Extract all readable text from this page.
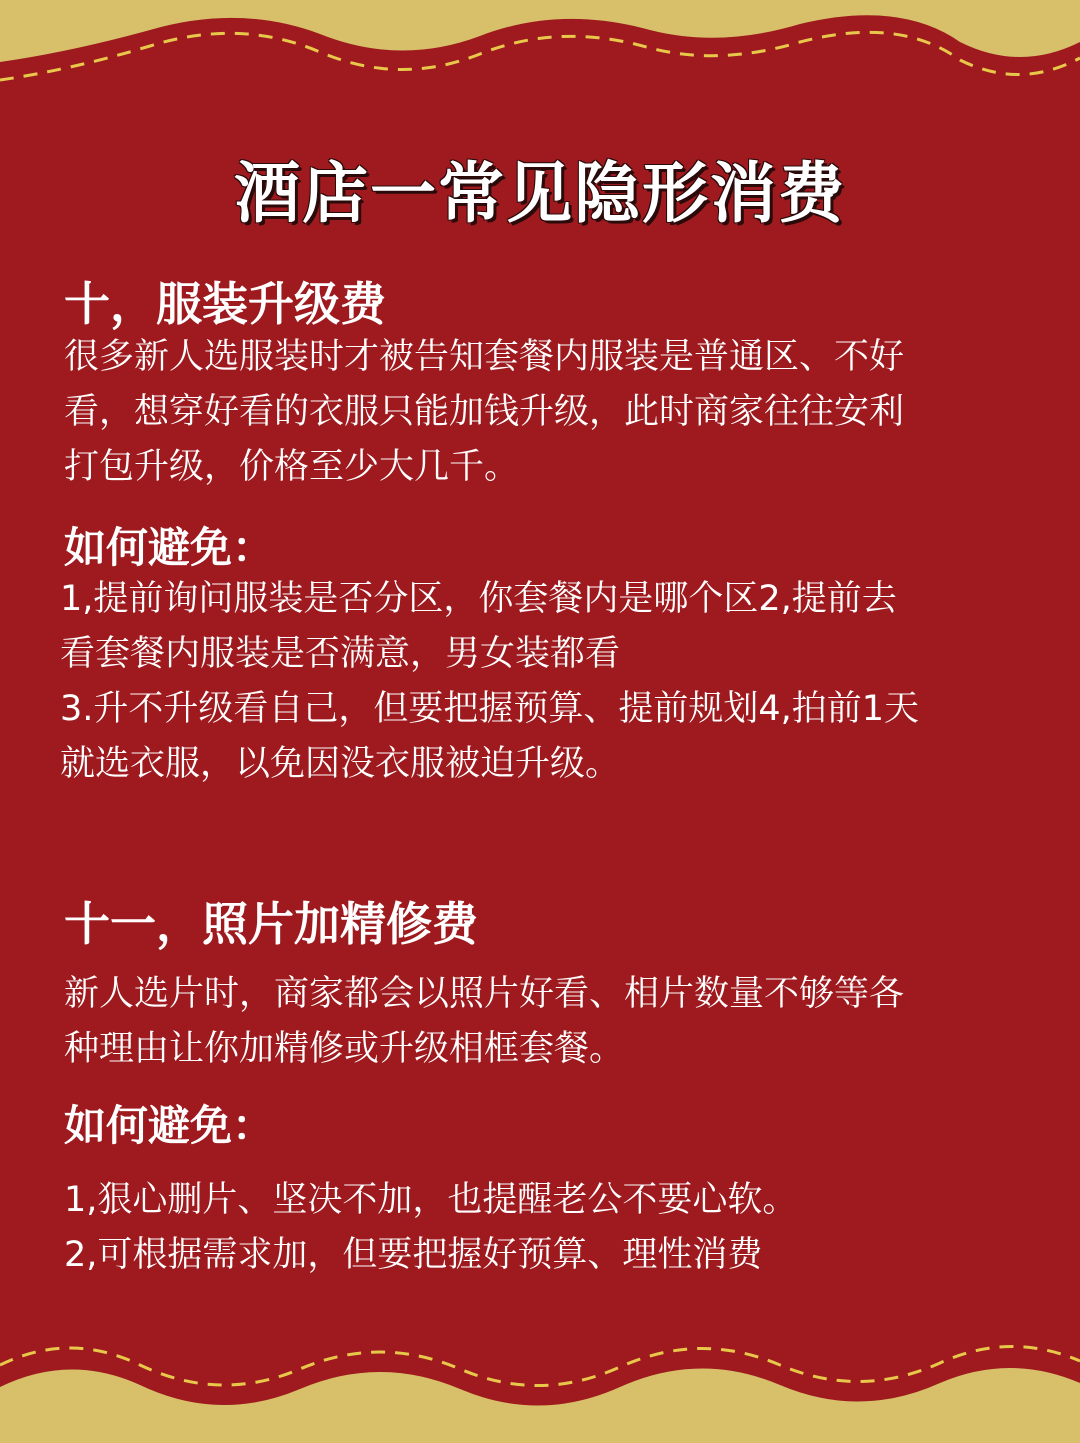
酒店一常见隐形消费
十，服装升级费
很多新人选服装时才被告知套餐内服装是普通区、不好
看，想穿好看的衣服只能加钱升级，此时商家往往安利
打包升级，价格至少大几千。
如何避免：
1,提前询问服装是否分区，你套餐内是哪个区2,提前去
看套餐内服装是否满意，男女装都看
3.升不升级看自己，但要把握预算、提前规划4,拍前1天
就选衣服，以免因没衣服被迫升级。
十一，照片加精修费
新人选片时，商家都会以照片好看、相片数量不够等各
种理由让你加精修或升级相框套餐。
如何避免：
1,狠心删片、坚决不加，也提醒老公不要心软。
2,可根据需求加，但要把握好预算、理性消费
